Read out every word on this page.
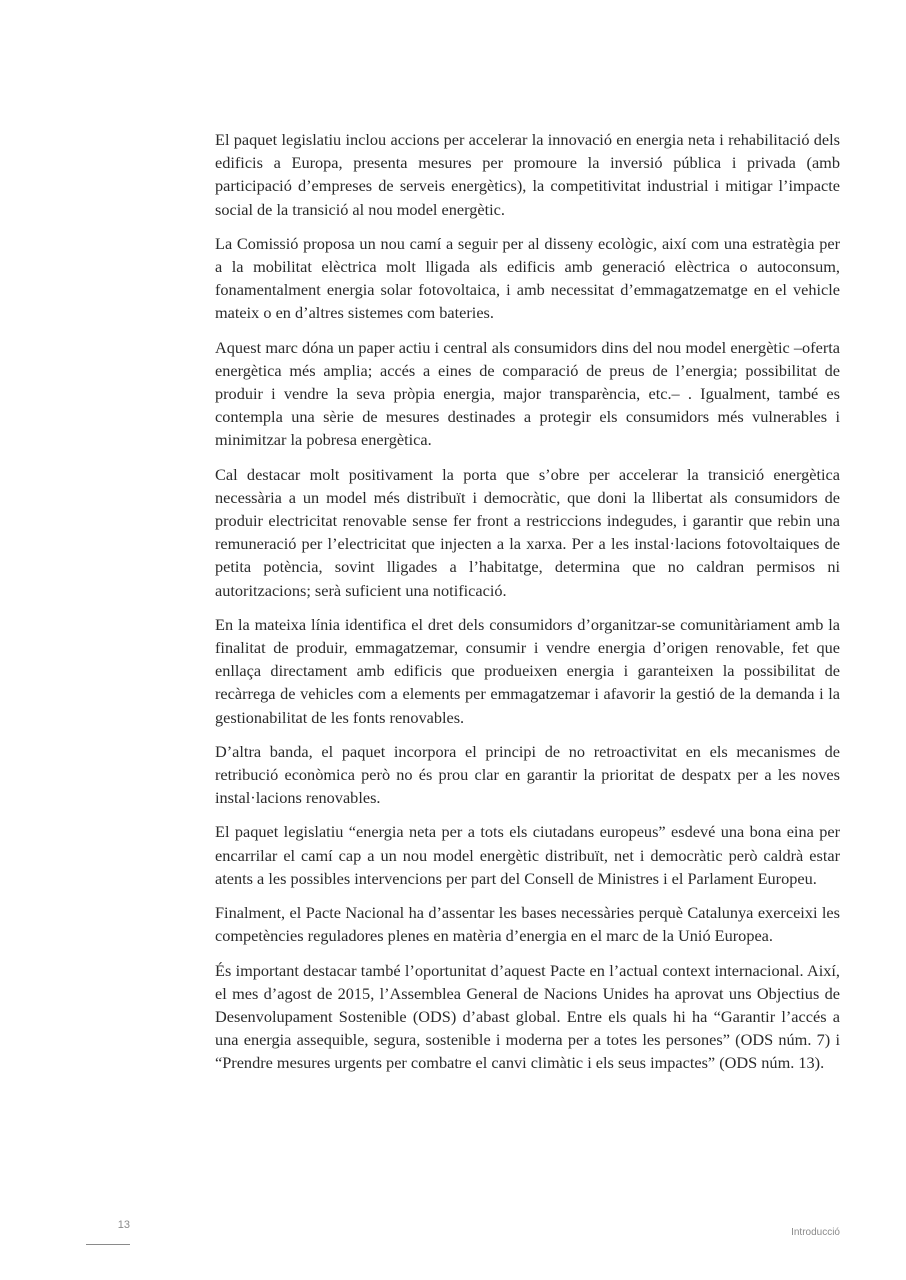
El paquet legislatiu inclou accions per accelerar la innovació en energia neta i rehabilitació dels edificis a Europa, presenta mesures per promoure la inversió pública i privada (amb participació d’empreses de serveis energètics), la competitivitat industrial i mitigar l’impacte social de la transició al nou model energètic.

La Comissió proposa un nou camí a seguir per al disseny ecològic, així com una estratègia per a la mobilitat elèctrica molt lligada als edificis amb generació elèctrica o autoconsum, fonamentalment energia solar fotovoltaica, i amb necessitat d’emmagatzematge en el vehicle mateix o en d’altres sistemes com bateries.

Aquest marc dóna un paper actiu i central als consumidors dins del nou model energètic –oferta energètica més amplia; accés a eines de comparació de preus de l’energia; possibilitat de produir i vendre la seva pròpia energia, major transparència, etc.– . Igualment, també es contempla una sèrie de mesures destinades a protegir els consumidors més vulnerables i minimitzar la pobresa energètica.

Cal destacar molt positivament la porta que s’obre per accelerar la transició energètica necessària a un model més distribuït i democràtic, que doni la llibertat als consumidors de produir electricitat renovable sense fer front a restriccions indegudes, i garantir que rebin una remuneració per l’electricitat que injecten a la xarxa. Per a les instal·lacions fotovoltaiques de petita potència, sovint lligades a l’habitatge, determina que no caldran permisos ni autoritzacions; serà suficient una notificació.

En la mateixa línia identifica el dret dels consumidors d’organitzar-se comunitàriament amb la finalitat de produir, emmagatzemar, consumir i vendre energia d’origen renovable, fet que enllaça directament amb edificis que produeixen energia i garanteixen la possibilitat de recàrrega de vehicles com a elements per emmagatzemar i afavorir la gestió de la demanda i la gestionabilitat de les fonts renovables.

D’altra banda, el paquet incorpora el principi de no retroactivitat en els mecanismes de retribució econòmica però no és prou clar en garantir la prioritat de despatx per a les noves instal·lacions renovables.

El paquet legislatiu “energia neta per a tots els ciutadans europeus” esdevé una bona eina per encarrilar el camí cap a un nou model energètic distribuït, net i democràtic però caldrà estar atents a les possibles intervencions per part del Consell de Ministres i el Parlament Europeu.

Finalment, el Pacte Nacional ha d’assentar les bases necessàries perquè Catalunya exerceixi les competències reguladores plenes en matèria d’energia en el marc de la Unió Europea.

És important destacar també l’oportunitat d’aquest Pacte en l’actual context internacional. Així, el mes d’agost de 2015, l’Assemblea General de Nacions Unides ha aprovat uns Objectius de Desenvolupament Sostenible (ODS) d’abast global. Entre els quals hi ha “Garantir l’accés a una energia assequible, segura, sostenible i moderna per a totes les persones” (ODS núm. 7) i “Prendre mesures urgents per combatre el canvi climàtic i els seus impactes” (ODS núm. 13).

13
Introducció
